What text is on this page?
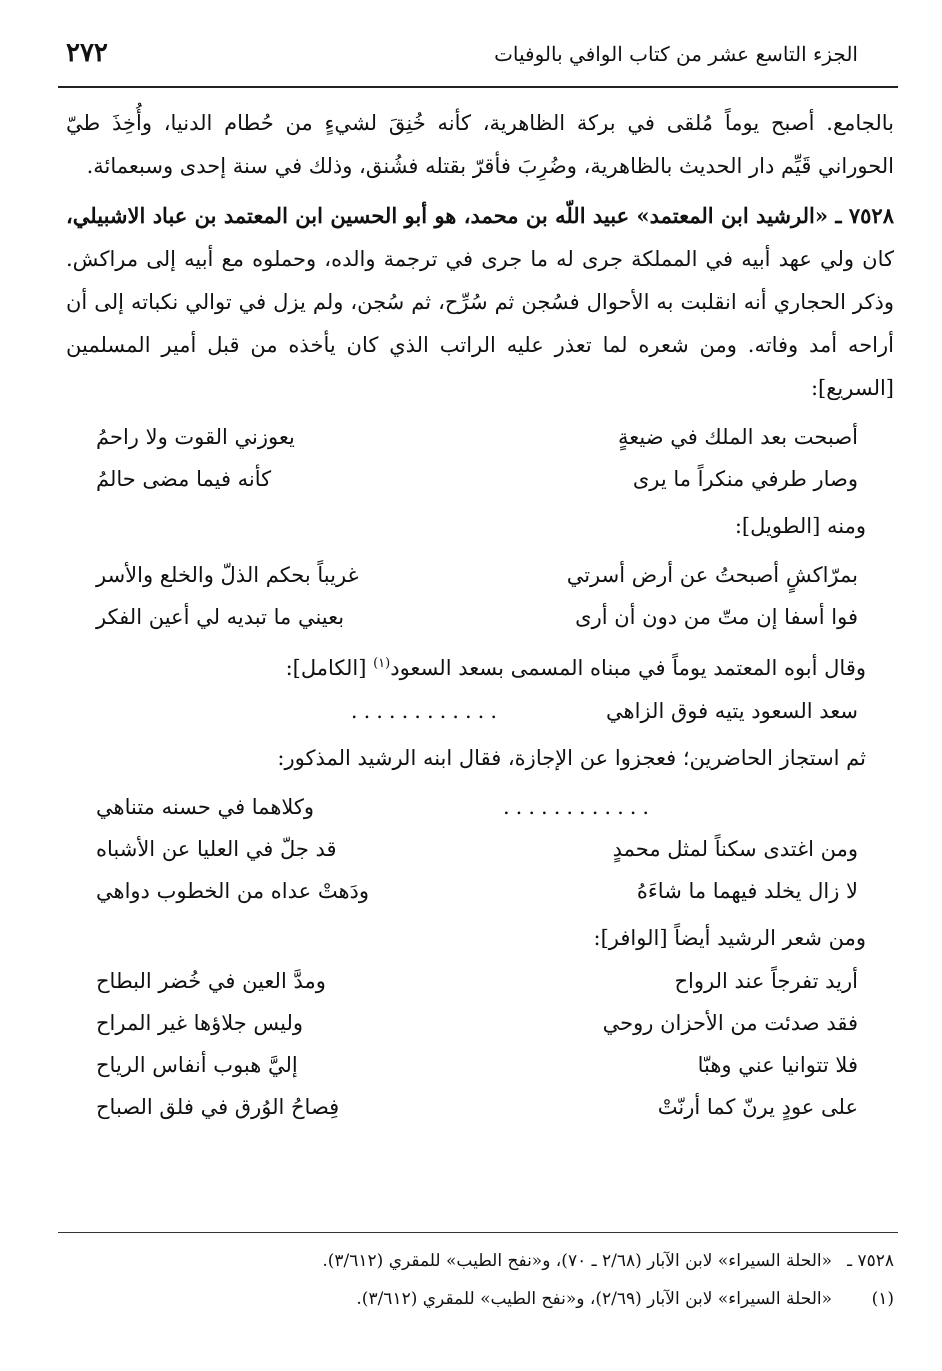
٢٧٢	الجزء التاسع عشر من كتاب الوافي بالوفيات

بالجامع. أصبح يوماً مُلقى في بركة الظاهرية، كأنه خُنِقَ لشيءٍ من حُطام الدنيا، وأُخِذَ طيّ الحوراني قَيِّم دار الحديث بالظاهرية، وضُرِبَ فأقرّ بقتله فشُنق، وذلك في سنة إحدى وسبعمائة.

٧٥٢٨ ـ «الرشيد ابن المعتمد» عبيد اللّه بن محمد، هو أبو الحسين ابن المعتمد بن عباد الاشبيلي، كان ولي عهد أبيه في المملكة جرى له ما جرى في ترجمة والده، وحملوه مع أبيه إلى مراكش. وذكر الحجاري أنه انقلبت به الأحوال فسُجن ثم سُرِّح، ثم سُجن، ولم يزل في توالي نكباته إلى أن أراحه أمد وفاته. ومن شعره لما تعذر عليه الراتب الذي كان يأخذه من قبل أمير المسلمين [السريع]:

أصبحت بعد الملك في ضيعةٍ
يعوزني القوت ولا راحمُ
وصار طرفي منكراً ما يرى
كأنه فيما مضى حالمُ

ومنه [الطويل]:

بمرّاكشٍ أصبحتُ عن أرض أسرتي
غريباً بحكم الذلّ والخلع والأسر
فوا أسفا إن متّ من دون أن أرى
بعيني ما تبديه لي أعين الفكر

وقال أبوه المعتمد يوماً في مبناه المسمى بسعد السعود$^{(١)}$ [الكامل]:

سعد السعود يتيه فوق الزاهي
............

ثم استجاز الحاضرين؛ فعجزوا عن الإجازة، فقال ابنه الرشيد المذكور:

............
وكلاهما في حسنه متناهي
ومن اغتدى سكناً لمثل محمدٍ
قد جلّ في العليا عن الأشباه
لا زال يخلد فيهما ما شاءَهُ
ودَهتْ عداه من الخطوب دواهي

ومن شعر الرشيد أيضاً [الوافر]:

أريد تفرجاً عند الرواح
ومدَّ العين في خُضر البطاح
فقد صدئت من الأحزان روحي
وليس جلاؤها غير المراح
فلا تتوانيا عني وهبّا
إليَّ هبوب أنفاس الرياح
على عودٍ يرنّ كما أرنّتْ
فِصاحُ الوُرق في فلق الصباح
٧٥٢٨ ـ
«الحلة السيراء» لابن الآبار (٢/٦٨ ـ ٧٠)، و«نفح الطيب» للمقري (٣/٦١٢).
(١)
«الحلة السيراء» لابن الآبار (٢/٦٩)، و«نفح الطيب» للمقري (٣/٦١٢).
